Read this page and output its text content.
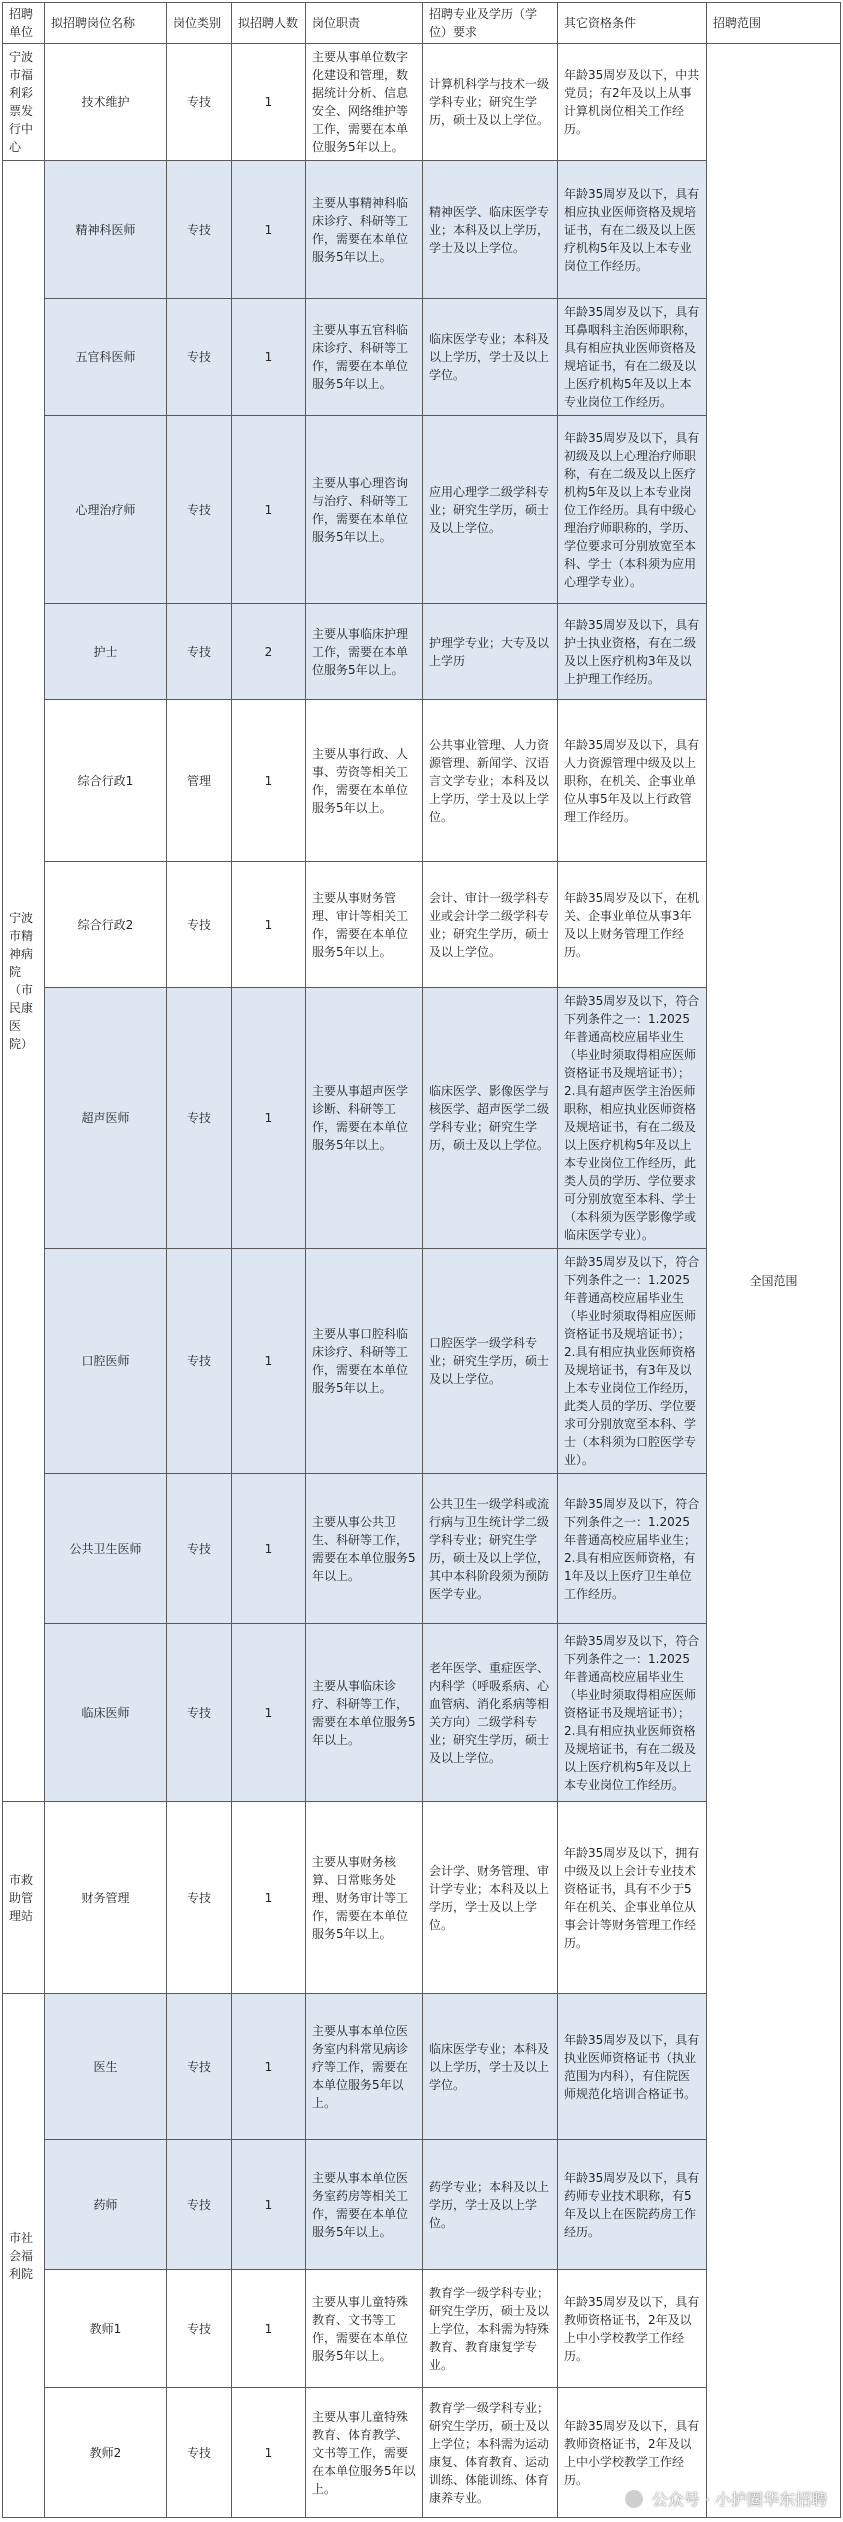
招聘单位	拟招聘岗位名称	岗位类别	拟招聘人数	岗位职责	招聘专业及学历（学位）要求	其它资格条件	招聘范围
宁波市福利彩票发行中心	技术维护	专技	1	主要从事单位数字化建设和管理，数据统计分析、信息安全、网络维护等工作，需要在本单位服务5年以上。	计算机科学与技术一级学科专业；研究生学历，硕士及以上学位。	年龄35周岁及以下，中共党员；有2年及以上从事计算机岗位相关工作经历。	全国范围
宁波市精神病院（市民康医院）	精神科医师	专技	1	主要从事精神科临床诊疗、科研等工作，需要在本单位服务5年以上。	精神医学、临床医学专业；本科及以上学历，学士及以上学位。	年龄35周岁及以下，具有相应执业医师资格及规培证书，有在二级及以上医疗机构5年及以上本专业岗位工作经历。	
	五官科医师	专技	1	主要从事五官科临床诊疗、科研等工作，需要在本单位服务5年以上。	临床医学专业；本科及以上学历，学士及以上学位。	年龄35周岁及以下，具有耳鼻咽科主治医师职称，具有相应执业医师资格及规培证书，有在二级及以上医疗机构5年及以上本专业岗位工作经历。	
	心理治疗师	专技	1	主要从事心理咨询与治疗、科研等工作，需要在本单位服务5年以上。	应用心理学二级学科专业；研究生学历，硕士及以上学位。	年龄35周岁及以下，具有初级及以上心理治疗师职称，有在二级及以上医疗机构5年及以上本专业岗位工作经历。具有中级心理治疗师职称的，学历、学位要求可分别放宽至本科、学士（本科须为应用心理学专业）。	
	护士	专技	2	主要从事临床护理工作，需要在本单位服务5年以上。	护理学专业；大专及以上学历	年龄35周岁及以下，具有护士执业资格，有在二级及以上医疗机构3年及以上护理工作经历。	
	综合行政1	管理	1	主要从事行政、人事、劳资等相关工作，需要在本单位服务5年以上。	公共事业管理、人力资源管理、新闻学、汉语言文学专业；本科及以上学历，学士及以上学位。	年龄35周岁及以下，具有人力资源管理中级及以上职称，在机关、企事业单位从事5年及以上行政管理工作经历。	
	综合行政2	专技	1	主要从事财务管理、审计等相关工作，需要在本单位服务5年以上。	会计、审计一级学科专业或会计学二级学科专业；研究生学历，硕士及以上学位。	年龄35周岁及以下，在机关、企事业单位从事3年及以上财务管理工作经历。	
	超声医师	专技	1	主要从事超声医学诊断、科研等工作，需要在本单位服务5年以上。	临床医学、影像医学与核医学、超声医学二级学科专业；研究生学历，硕士及以上学位。	年龄35周岁及以下，符合下列条件之一：1.2025年普通高校应届毕业生（毕业时须取得相应医师资格证书及规培证书）；2.具有超声医学主治医师职称，相应执业医师资格及规培证书，有在二级及以上医疗机构5年及以上本专业岗位工作经历，此类人员的学历、学位要求可分别放宽至本科、学士（本科须为医学影像学或临床医学专业）。	
	口腔医师	专技	1	主要从事口腔科临床诊疗、科研等工作，需要在本单位服务5年以上。	口腔医学一级学科专业；研究生学历，硕士及以上学位。	年龄35周岁及以下，符合下列条件之一：1.2025年普通高校应届毕业生（毕业时须取得相应医师资格证书及规培证书）；2.具有相应执业医师资格及规培证书，有3年及以上本专业岗位工作经历，此类人员的学历、学位要求可分别放宽至本科、学士（本科须为口腔医学专业）。	
	公共卫生医师	专技	1	主要从事公共卫生、科研等工作，需要在本单位服务5年以上。	公共卫生一级学科或流行病与卫生统计学二级学科专业；研究生学历，硕士及以上学位，其中本科阶段须为预防医学专业。	年龄35周岁及以下，符合下列条件之一：1.2025年普通高校应届毕业生；2.具有相应医师资格，有1年及以上医疗卫生单位工作经历。	
	临床医师	专技	1	主要从事临床诊疗、科研等工作，需要在本单位服务5年以上。	老年医学、重症医学、内科学（呼吸系病、心血管病、消化系病等相关方向）二级学科专业；研究生学历，硕士及以上学位。	年龄35周岁及以下，符合下列条件之一：1.2025年普通高校应届毕业生（毕业时须取得相应医师资格证书及规培证书）；2.具有相应执业医师资格及规培证书，有在二级及以上医疗机构5年及以上本专业岗位工作经历。	
市救助管理站	财务管理	专技	1	主要从事财务核算、日常账务处理、财务审计等工作，需要在本单位服务5年以上。	会计学、财务管理、审计学专业；本科及以上学历，学士及以上学位。	年龄35周岁及以下，拥有中级及以上会计专业技术资格证书，具有不少于5年在机关、企事业单位从事会计等财务管理工作经历。	
市社会福利院	医生	专技	1	主要从事本单位医务室内科常见病诊疗等工作，需要在本单位服务5年以上。	临床医学专业；本科及以上学历，学士及以上学位。	年龄35周岁及以下，具有执业医师资格证书（执业范围为内科），有住院医师规范化培训合格证书。	
	药师	专技	1	主要从事本单位医务室药房等相关工作，需要在本单位服务5年以上。	药学专业；本科及以上学历，学士及以上学位。	年龄35周岁及以下，具有药师专业技术职称，有5年及以上在医院药房工作经历。	
	教师1	专技	1	主要从事儿童特殊教育、文书等工作，需要在本单位服务5年以上。	教育学一级学科专业；研究生学历，硕士及以上学位，本科需为特殊教育、教育康复学专业。	年龄35周岁及以下，具有教师资格证书，2年及以上中小学校教学工作经历。	
	教师2	专技	1	主要从事儿童特殊教育、体育教学、文书等工作，需要在本单位服务5年以上。	教育学一级学科专业；研究生学历，硕士及以上学位；本科需为运动康复、体育教育、运动训练、体能训练、体育康养专业。	年龄35周岁及以下，具有教师资格证书，2年及以上中小学校教学工作经历。	
公众号 · 小护圈华东招聘
